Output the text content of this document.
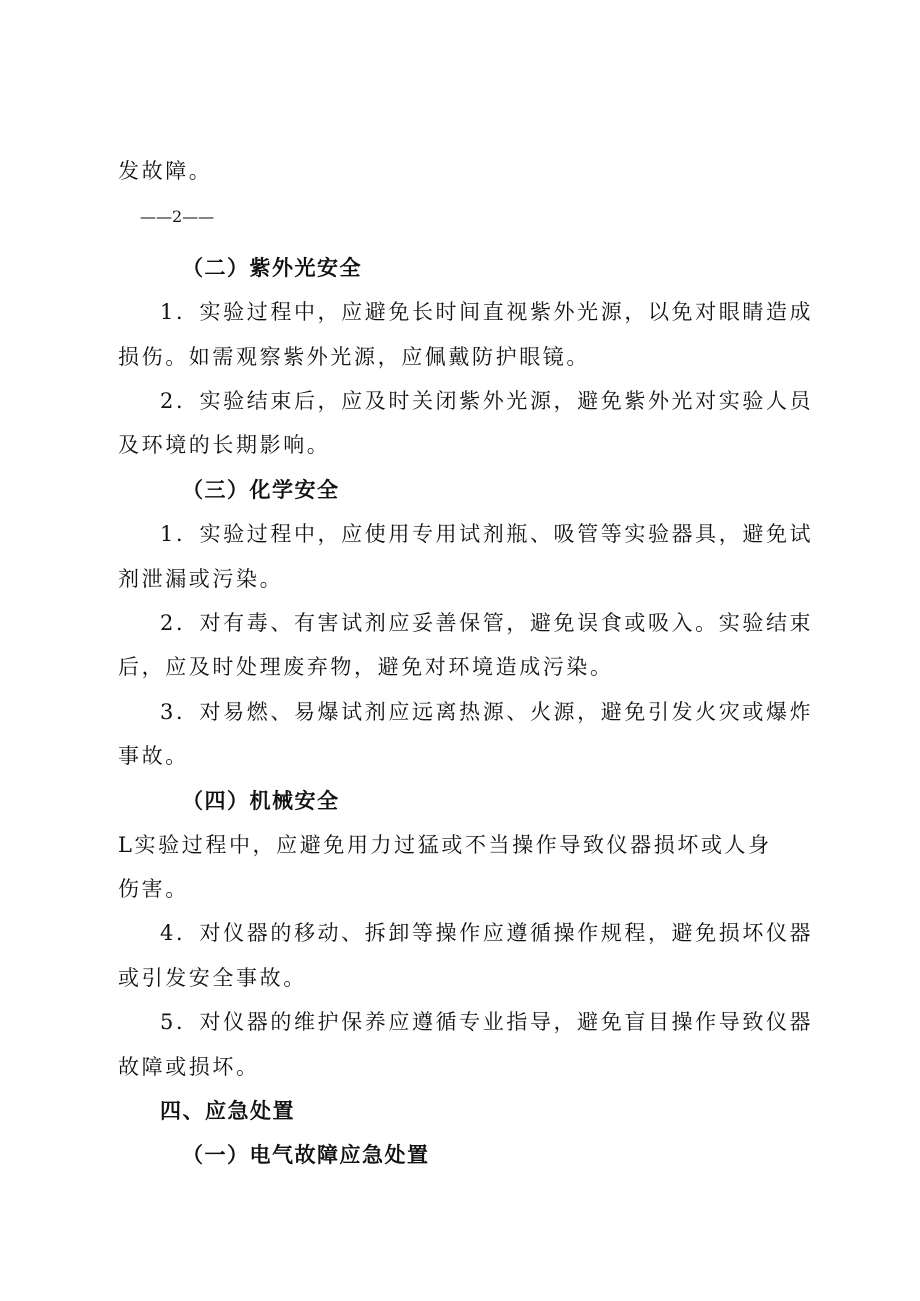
发故障。
——2——
（二）紫外光安全
1．实验过程中，应避免长时间直视紫外光源，以免对眼睛造成
损伤。如需观察紫外光源，应佩戴防护眼镜。
2．实验结束后，应及时关闭紫外光源，避免紫外光对实验人员
及环境的长期影响。
（三）化学安全
1．实验过程中，应使用专用试剂瓶、吸管等实验器具，避免试
剂泄漏或污染。
2．对有毒、有害试剂应妥善保管，避免误食或吸入。实验结束
后，应及时处理废弃物，避免对环境造成污染。
3．对易燃、易爆试剂应远离热源、火源，避免引发火灾或爆炸
事故。
（四）机械安全
L实验过程中，应避免用力过猛或不当操作导致仪器损坏或人身
伤害。
4．对仪器的移动、拆卸等操作应遵循操作规程，避免损坏仪器
或引发安全事故。
5．对仪器的维护保养应遵循专业指导，避免盲目操作导致仪器
故障或损坏。
四、应急处置
（一）电气故障应急处置
